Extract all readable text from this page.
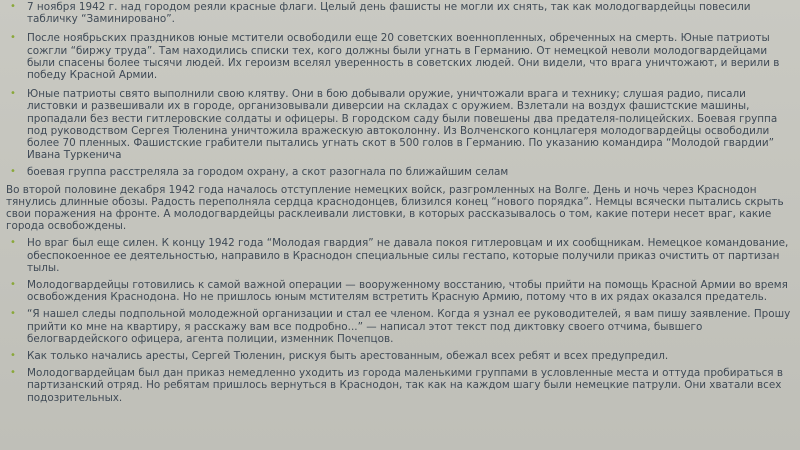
• 7 ноября 1942 г. над городом реяли красные флаги. Целый день фашисты не могли их снять, так как молодогвардейцы повесили табличку “Заминировано”.

• После ноябрьских праздников юные мстители освободили еще 20 советских военнопленных, обреченных на смерть. Юные патриоты сожгли “биржу труда”. Там находились списки тех, кого должны были угнать в Германию. От немецкой неволи молодогвардейцами были спасены более тысячи людей. Их героизм вселял уверенность в советских людей. Они видели, что врага уничтожают, и верили в победу Красной Армии.

• Юные патриоты свято выполнили свою клятву. Они в бою добывали оружие, уничтожали врага и технику; слушая радио, писали листовки и развешивали их в городе, организовывали диверсии на складах с оружием. Взлетали на воздух фашистские машины, пропадали без вести гитлеровские солдаты и офицеры. В городском саду были повешены два предателя-полицейских. Боевая группа под руководством Сергея Тюленина уничтожила вражескую автоколонну. Из Волченского концлагеря молодогвардейцы освободили более 70 пленных. Фашистские грабители пытались угнать скот в 500 голов в Германию. По указанию командира “Молодой гвардии” Ивана Туркенича

• боевая группа расстреляла за городом охрану, а скот разогнала по ближайшим селам

Во второй половине декабря 1942 года началось отступление немецких войск, разгромленных на Волге. День и ночь через Краснодон тянулись длинные обозы. Радость переполняла сердца краснодонцев, близился конец “нового порядка”. Немцы всячески пытались скрыть свои поражения на фронте. А молодогвардейцы расклеивали листовки, в которых рассказывалось о том, какие потери несет враг, какие города освобождены.

• Но враг был еще силен. К концу 1942 года “Молодая гвардия” не давала покоя гитлеровцам и их сообщникам. Немецкое командование, обеспокоенное ее деятельностью, направило в Краснодон специальные силы гестапо, которые получили приказ очистить от партизан тылы.

• Молодогвардейцы готовились к самой важной операции — вооруженному восстанию, чтобы прийти на помощь Красной Армии во время освобождения Краснодона. Но не пришлось юным мстителям встретить Красную Армию, потому что в их рядах оказался предатель.

• “Я нашел следы подпольной молодежной организации и стал ее членом. Когда я узнал ее руководителей, я вам пишу заявление. Прошу прийти ко мне на квартиру, я расскажу вам все подробно...” — написал этот текст под диктовку своего отчима, бывшего белогвардейского офицера, агента полиции, изменник Почепцов.

• Как только начались аресты, Сергей Тюленин, рискуя быть арестованным, обежал всех ребят и всех предупредил.

• Молодогвардейцам был дан приказ немедленно уходить из города маленькими группами в условленные места и оттуда пробираться в партизанский отряд. Но ребятам пришлось вернуться в Краснодон, так как на каждом шагу были немецкие патрули. Они хватали всех подозрительных.
